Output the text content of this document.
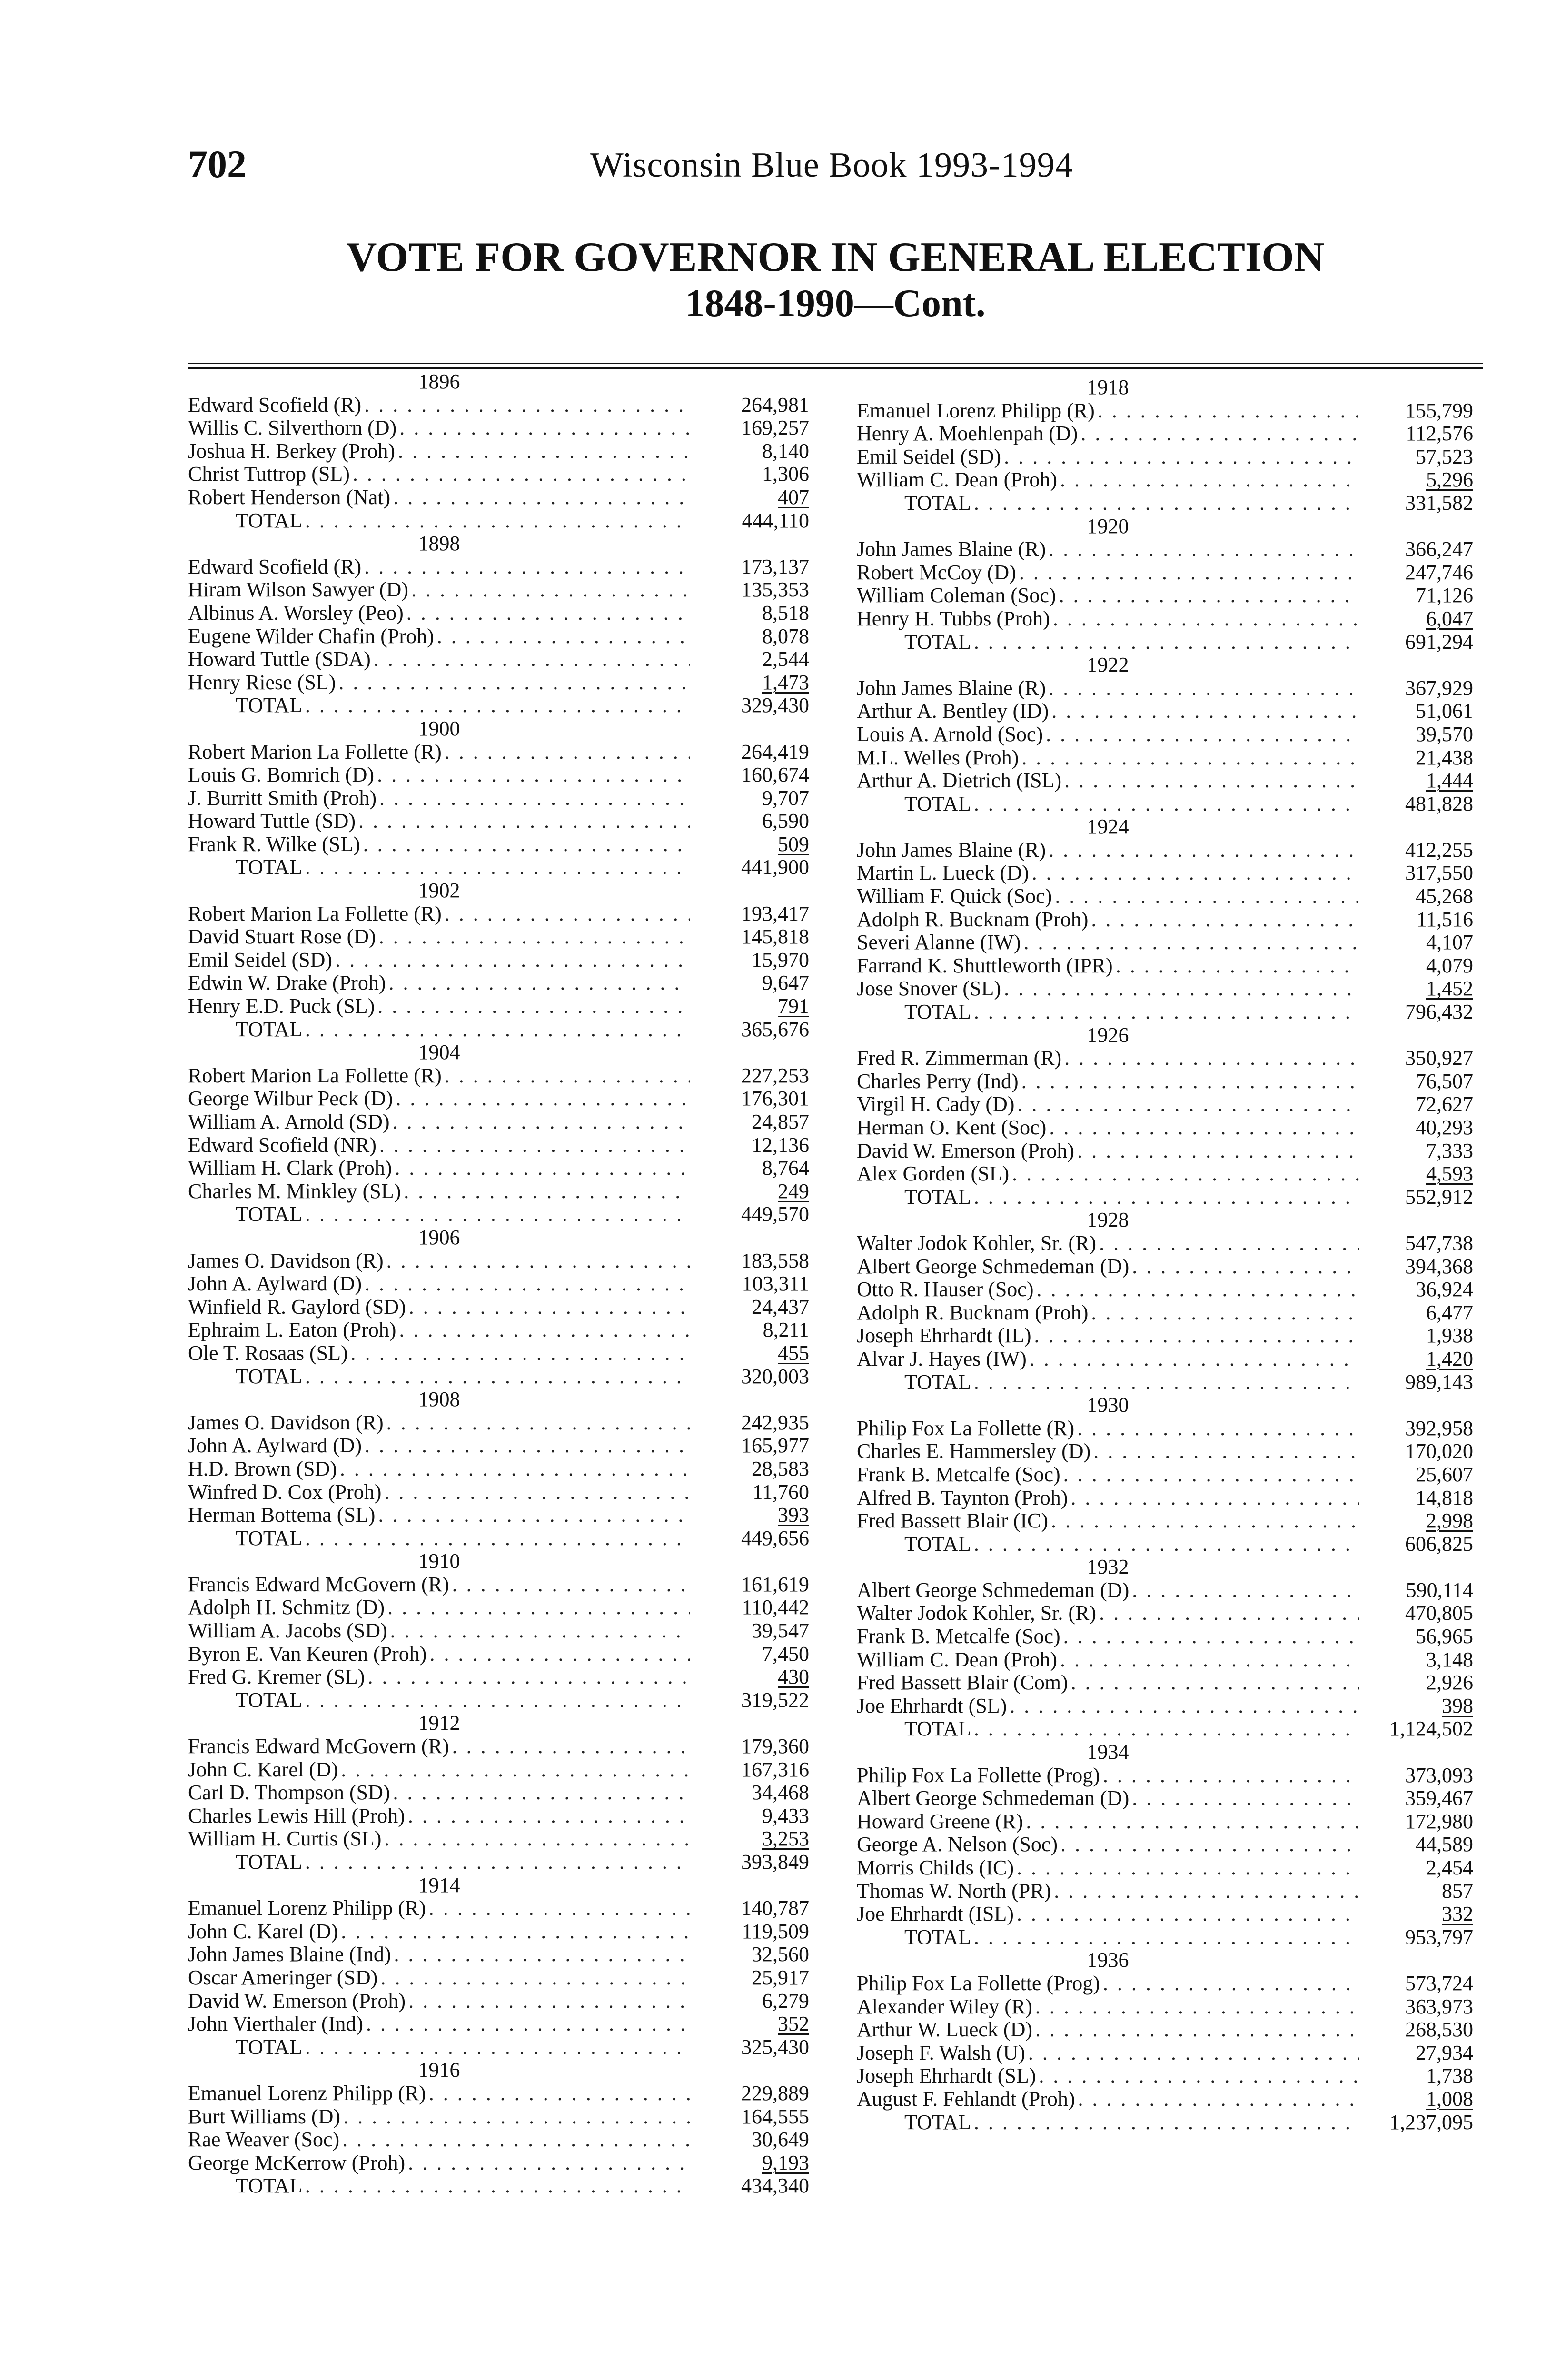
702	Wisconsin Blue Book 1993-1994
VOTE FOR GOVERNOR IN GENERAL ELECTION
1848-1990—Cont.
1896
Edward Scofield (R) . . .	264,981
Willis C. Silverthorn (D) . . .	169,257
Joshua H. Berkey (Proh) . . .	8,140
Christ Tuttrop (SL) . . .	1,306
Robert Henderson (Nat) . . .	407
TOTAL . . .	444,110
1898
Edward Scofield (R) . . .	173,137
Hiram Wilson Sawyer (D) . . .	135,353
Albinus A. Worsley (Peo) . . .	8,518
Eugene Wilder Chafin (Proh) . . .	8,078
Howard Tuttle (SDA) . . .	2,544
Henry Riese (SL) . . .	1,473
TOTAL . . .	329,430
1900
Robert Marion La Follette (R) . . .	264,419
Louis G. Bomrich (D) . . .	160,674
J. Burritt Smith (Proh) . . .	9,707
Howard Tuttle (SD) . . .	6,590
Frank R. Wilke (SL) . . .	509
TOTAL . . .	441,900
1902
Robert Marion La Follette (R) . . .	193,417
David Stuart Rose (D) . . .	145,818
Emil Seidel (SD) . . .	15,970
Edwin W. Drake (Proh) . . .	9,647
Henry E.D. Puck (SL) . . .	791
TOTAL . . .	365,676
1904
Robert Marion La Follette (R) . . .	227,253
George Wilbur Peck (D) . . .	176,301
William A. Arnold (SD) . . .	24,857
Edward Scofield (NR) . . .	12,136
William H. Clark (Proh) . . .	8,764
Charles M. Minkley (SL) . . .	249
TOTAL . . .	449,570
1906
James O. Davidson (R) . . .	183,558
John A. Aylward (D) . . .	103,311
Winfield R. Gaylord (SD) . . .	24,437
Ephraim L. Eaton (Proh) . . .	8,211
Ole T. Rosaas (SL) . . .	455
TOTAL . . .	320,003
1908
James O. Davidson (R) . . .	242,935
John A. Aylward (D) . . .	165,977
H.D. Brown (SD) . . .	28,583
Winfred D. Cox (Proh) . . .	11,760
Herman Bottema (SL) . . .	393
TOTAL . . .	449,656
1910
Francis Edward McGovern (R) . . .	161,619
Adolph H. Schmitz (D) . . .	110,442
William A. Jacobs (SD) . . .	39,547
Byron E. Van Keuren (Proh) . . .	7,450
Fred G. Kremer (SL) . . .	430
TOTAL . . .	319,522
1912
Francis Edward McGovern (R) . . .	179,360
John C. Karel (D) . . .	167,316
Carl D. Thompson (SD) . . .	34,468
Charles Lewis Hill (Proh) . . .	9,433
William H. Curtis (SL) . . .	3,253
TOTAL . . .	393,849
1914
Emanuel Lorenz Philipp (R) . . .	140,787
John C. Karel (D) . . .	119,509
John James Blaine (Ind) . . .	32,560
Oscar Ameringer (SD) . . .	25,917
David W. Emerson (Proh) . . .	6,279
John Vierthaler (Ind) . . .	352
TOTAL . . .	325,430
1916
Emanuel Lorenz Philipp (R) . . .	229,889
Burt Williams (D) . . .	164,555
Rae Weaver (Soc) . . .	30,649
George McKerrow (Proh) . . .	9,193
TOTAL . . .	434,340
1918
Emanuel Lorenz Philipp (R) . . .	155,799
Henry A. Moehlenpah (D) . . .	112,576
Emil Seidel (SD) . . .	57,523
William C. Dean (Proh) . . .	5,296
TOTAL . . .	331,582
1920
John James Blaine (R) . . .	366,247
Robert McCoy (D) . . .	247,746
William Coleman (Soc) . . .	71,126
Henry H. Tubbs (Proh) . . .	6,047
TOTAL . . .	691,294
1922
John James Blaine (R) . . .	367,929
Arthur A. Bentley (ID) . . .	51,061
Louis A. Arnold (Soc) . . .	39,570
M.L. Welles (Proh) . . .	21,438
Arthur A. Dietrich (ISL) . . .	1,444
TOTAL . . .	481,828
1924
John James Blaine (R) . . .	412,255
Martin L. Lueck (D) . . .	317,550
William F. Quick (Soc) . . .	45,268
Adolph R. Bucknam (Proh) . . .	11,516
Severi Alanne (IW) . . .	4,107
Farrand K. Shuttleworth (IPR) . . .	4,079
Jose Snover (SL) . . .	1,452
TOTAL . . .	796,432
1926
Fred R. Zimmerman (R) . . .	350,927
Charles Perry (Ind) . . .	76,507
Virgil H. Cady (D) . . .	72,627
Herman O. Kent (Soc) . . .	40,293
David W. Emerson (Proh) . . .	7,333
Alex Gorden (SL) . . .	4,593
TOTAL . . .	552,912
1928
Walter Jodok Kohler, Sr. (R) . . .	547,738
Albert George Schmedeman (D) . . .	394,368
Otto R. Hauser (Soc) . . .	36,924
Adolph R. Bucknam (Proh) . . .	6,477
Joseph Ehrhardt (IL) . . .	1,938
Alvar J. Hayes (IW) . . .	1,420
TOTAL . . .	989,143
1930
Philip Fox La Follette (R) . . .	392,958
Charles E. Hammersley (D) . . .	170,020
Frank B. Metcalfe (Soc) . . .	25,607
Alfred B. Taynton (Proh) . . .	14,818
Fred Bassett Blair (IC) . . .	2,998
TOTAL . . .	606,825
1932
Albert George Schmedeman (D) . . .	590,114
Walter Jodok Kohler, Sr. (R) . . .	470,805
Frank B. Metcalfe (Soc) . . .	56,965
William C. Dean (Proh) . . .	3,148
Fred Bassett Blair (Com) . . .	2,926
Joe Ehrhardt (SL) . . .	398
TOTAL . . .	1,124,502
1934
Philip Fox La Follette (Prog) . . .	373,093
Albert George Schmedeman (D) . . .	359,467
Howard Greene (R) . . .	172,980
George A. Nelson (Soc) . . .	44,589
Morris Childs (IC) . . .	2,454
Thomas W. North (PR) . . .	857
Joe Ehrhardt (ISL) . . .	332
TOTAL . . .	953,797
1936
Philip Fox La Follette (Prog) . . .	573,724
Alexander Wiley (R) . . .	363,973
Arthur W. Lueck (D) . . .	268,530
Joseph F. Walsh (U) . . .	27,934
Joseph Ehrhardt (SL) . . .	1,738
August F. Fehlandt (Proh) . . .	1,008
TOTAL . . .	1,237,095
